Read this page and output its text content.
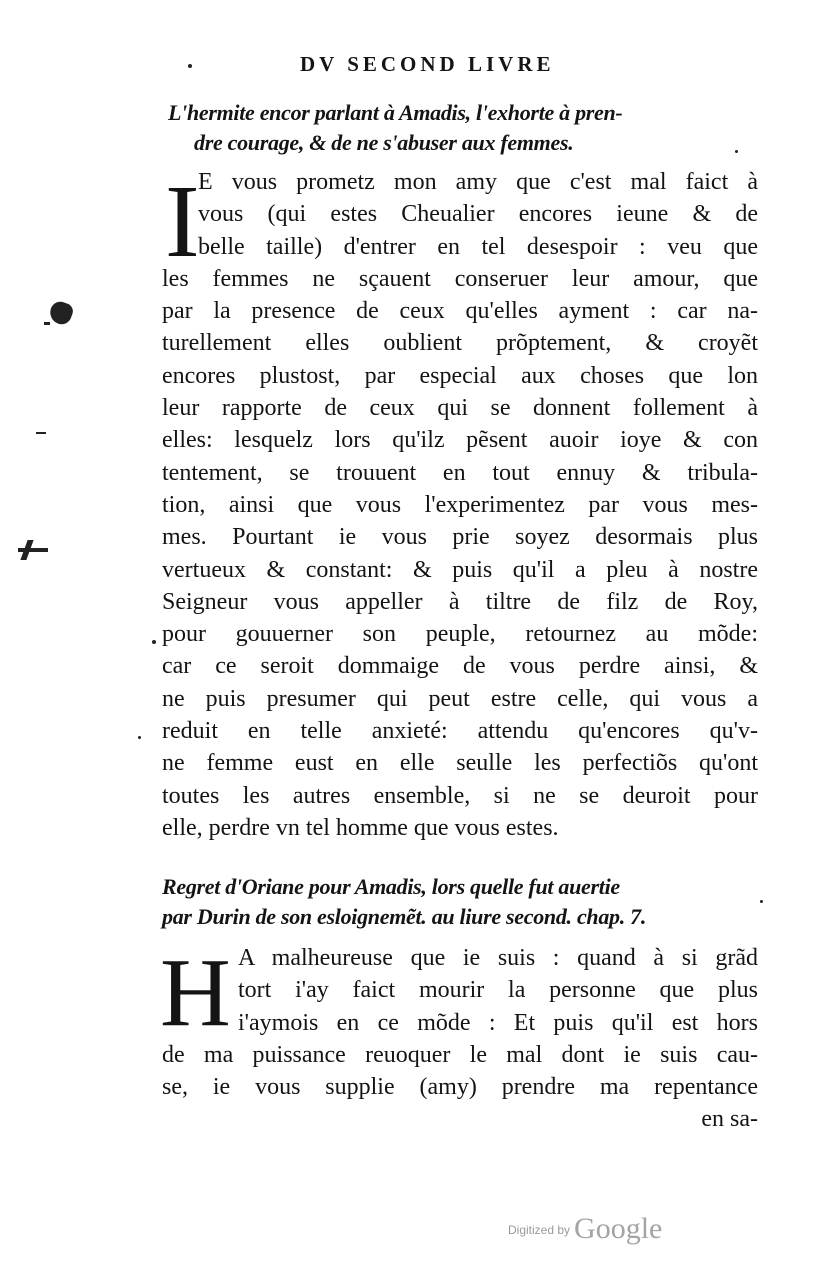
DV SECOND LIVRE
L'hermite encor parlant à Amadis, l'exhorte à pren-
dre courage, & de ne s'abuser aux femmes.
I
E vous prometz mon amy que c'est mal faict à
vous (qui estes Cheualier encores ieune & de
belle taille) d'entrer en tel desespoir : veu que
les femmes ne sçauent conseruer leur amour, que
par la presence de ceux qu'elles ayment : car na-
turellement elles oublient prõptement, & croyẽt
encores plustost, par especial aux choses que lon
leur rapporte de ceux qui se donnent follement à
elles: lesquelz lors qu'ilz pẽsent auoir ioye & con
tentement, se trouuent en tout ennuy & tribula-
tion, ainsi que vous l'experimentez par vous mes-
mes. Pourtant ie vous prie soyez desormais plus
vertueux & constant: & puis qu'il a pleu à nostre
Seigneur vous appeller à tiltre de filz de Roy,
pour gouuerner son peuple, retournez au mõde:
car ce seroit dommaige de vous perdre ainsi, &
ne puis presumer qui peut estre celle, qui vous a
reduit en telle anxieté: attendu qu'encores qu'v-
ne femme eust en elle seulle les perfectiõs qu'ont
toutes les autres ensemble, si ne se deuroit pour
elle, perdre vn tel homme que vous estes.
Regret d'Oriane pour Amadis, lors quelle fut auertie
par Durin de son esloignemẽt. au liure second. chap. 7.
H A malheureuse que ie suis : quand à si grãd
tort i'ay faict mourir la personne que plus
i'aymois en ce mõde : Et puis qu'il est hors
de ma puissance reuoquer le mal dont ie suis cau-
se, ie vous supplie (amy) prendre ma repentance
en sa-
$^{Digitized by}$ Google
